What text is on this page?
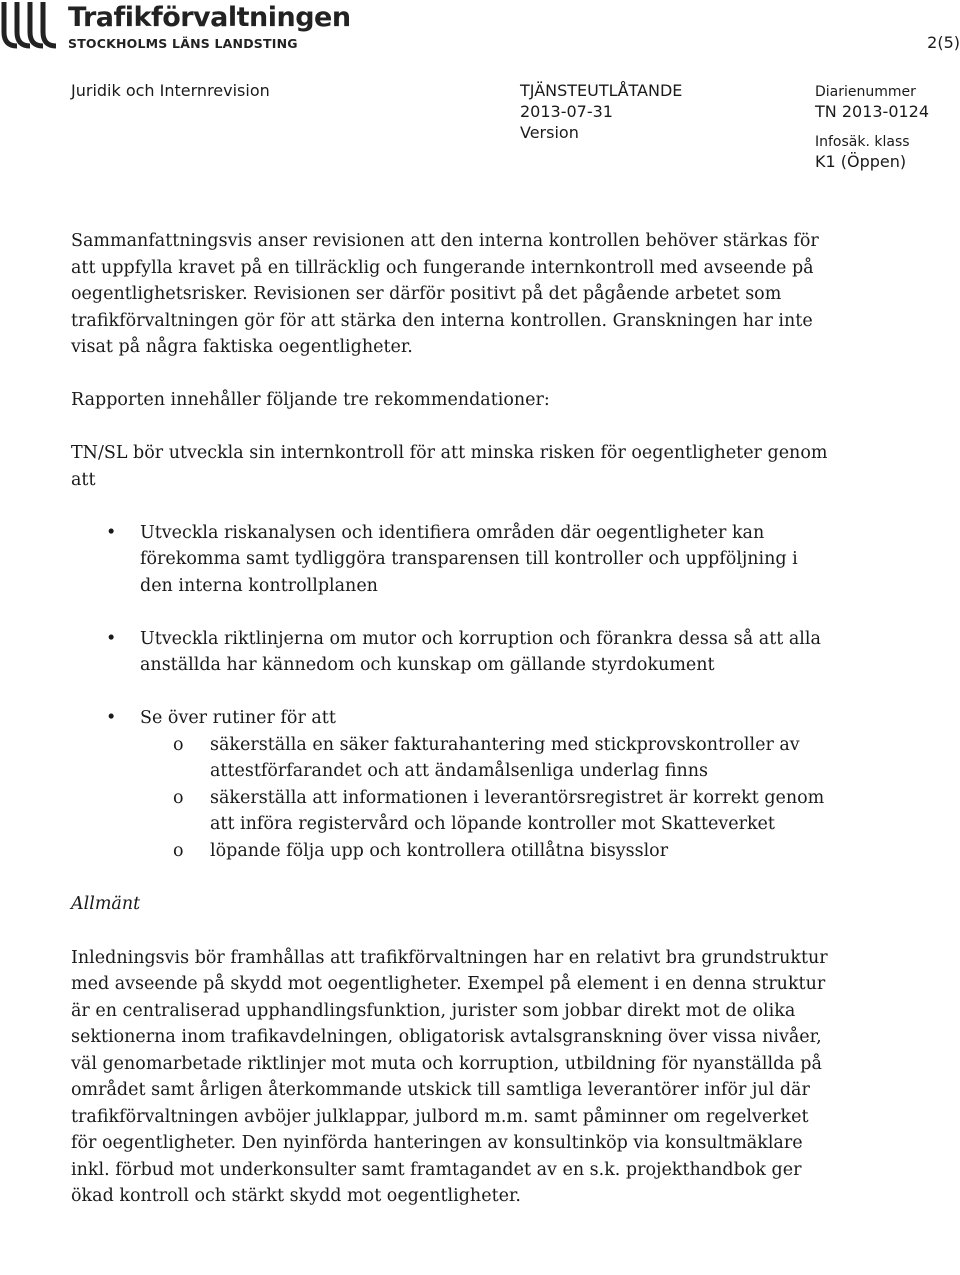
Trafikförvaltningen
STOCKHOLMS LÄNS LANDSTING	2(5)
Juridik och Internrevision	TJÄNSTEUTLÅTANDE
2013-07-31
Version
Diarienummer
TN 2013-0124
Infosäk. klass
K1 (Öppen)

Sammanfattningsvis anser revisionen att den interna kontrollen behöver stärkas för att uppfylla kravet på en tillräcklig och fungerande internkontroll med avseende på oegentlighetsrisker. Revisionen ser därför positivt på det pågående arbetet som trafikförvaltningen gör för att stärka den interna kontrollen. Granskningen har inte visat på några faktiska oegentligheter.

Rapporten innehåller följande tre rekommendationer:

TN/SL bör utveckla sin internkontroll för att minska risken för oegentligheter genom att

• Utveckla riskanalysen och identifiera områden där oegentligheter kan förekomma samt tydliggöra transparensen till kontroller och uppföljning i den interna kontrollplanen
• Utveckla riktlinjerna om mutor och korruption och förankra dessa så att alla anställda har kännedom och kunskap om gällande styrdokument
• Se över rutiner för att
o säkerställa en säker fakturahantering med stickprovskontroller av attestförfarandet och att ändamålsenliga underlag finns
o säkerställa att informationen i leverantörsregistret är korrekt genom att införa registervård och löpande kontroller mot Skatteverket
o löpande följa upp och kontrollera otillåtna bisysslor

Allmänt

Inledningsvis bör framhållas att trafikförvaltningen har en relativt bra grundstruktur med avseende på skydd mot oegentligheter. Exempel på element i en denna struktur är en centraliserad upphandlingsfunktion, jurister som jobbar direkt mot de olika sektionerna inom trafikavdelningen, obligatorisk avtalsgranskning över vissa nivåer, väl genomarbetade riktlinjer mot muta och korruption, utbildning för nyanställda på området samt årligen återkommande utskick till samtliga leverantörer inför jul där trafikförvaltningen avböjer julklappar, julbord m.m. samt påminner om regelverket för oegentligheter. Den nyinförda hanteringen av konsultinköp via konsultmäklare inkl. förbud mot underkonsulter samt framtagandet av en s.k. projekthandbok ger ökad kontroll och stärkt skydd mot oegentligheter.
